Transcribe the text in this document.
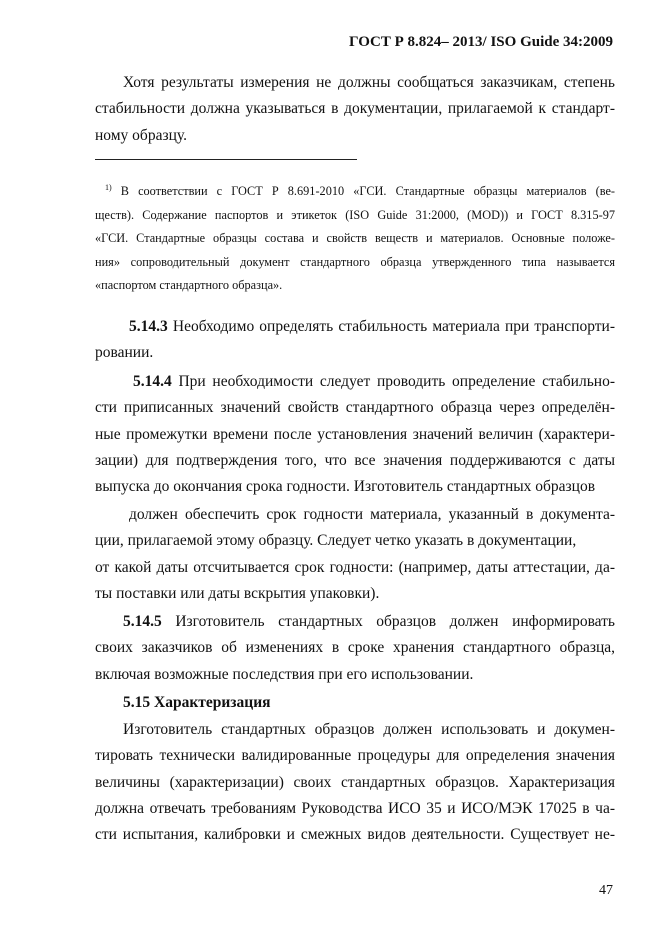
ГОСТ Р 8.824– 2013/ ISO Guide 34:2009
Хотя результаты измерения не должны сообщаться заказчикам, степень
стабильности должна указываться в документации, прилагаемой к стандарт-
ному образцу.
$^{1)}$ В соответствии с ГОСТ Р 8.691-2010 «ГСИ. Стандартные образцы материалов (ве-
ществ). Содержание паспортов и этикеток (ISO Guide 31:2000, (MOD)) и ГОСТ 8.315-97
«ГСИ. Стандартные образцы состава и свойств веществ и материалов. Основные положе-
ния» сопроводительный документ стандартного образца утвержденного типа называется
«паспортом стандартного образца».
5.14.3 Необходимо определять стабильность материала при транспорти-
ровании.
5.14.4 При необходимости следует проводить определение стабильно-
сти приписанных значений свойств стандартного образца через определён-
ные промежутки времени после установления значений величин (характери-
зации) для подтверждения того, что все значения поддерживаются с даты
выпуска до окончания срока годности. Изготовитель стандартных образцов
должен обеспечить срок годности материала, указанный в документа-
ции, прилагаемой этому образцу. Следует четко указать в документации,
от какой даты отсчитывается срок годности: (например, даты аттестации, да-
ты поставки или даты вскрытия упаковки).
5.14.5 Изготовитель стандартных образцов должен информировать
своих заказчиков об изменениях в сроке хранения стандартного образца,
включая возможные последствия при его использовании.
5.15 Характеризация
Изготовитель стандартных образцов должен использовать и докумен-
тировать технически валидированные процедуры для определения значения
величины (характеризации) своих стандартных образцов. Характеризация
должна отвечать требованиям Руководства ИСО 35 и ИСО/МЭК 17025 в ча-
сти испытания, калибровки и смежных видов деятельности. Существует не-
47
